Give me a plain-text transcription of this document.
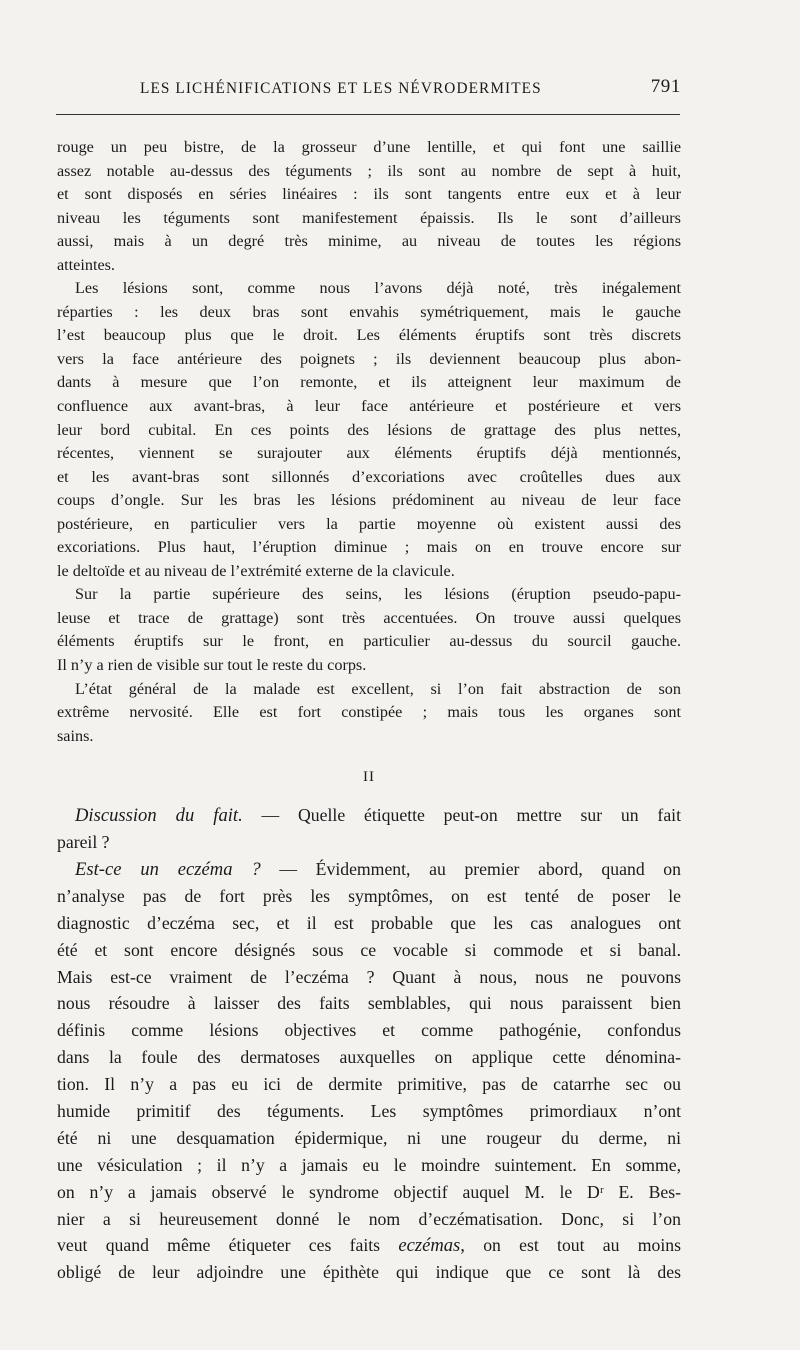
LES LICHÉNIFICATIONS ET LES NÉVRODERMITES	791
rouge un peu bistre, de la grosseur d’une lentille, et qui font une saillie
assez notable au-dessus des téguments ; ils sont au nombre de sept à huit,
et sont disposés en séries linéaires : ils sont tangents entre eux et à leur
niveau les téguments sont manifestement épaissis. Ils le sont d’ailleurs
aussi, mais à un degré très minime, au niveau de toutes les régions
atteintes.
Les lésions sont, comme nous l’avons déjà noté, très inégalement
réparties : les deux bras sont envahis symétriquement, mais le gauche
l’est beaucoup plus que le droit. Les éléments éruptifs sont très discrets
vers la face antérieure des poignets ; ils deviennent beaucoup plus abon-
dants à mesure que l’on remonte, et ils atteignent leur maximum de
confluence aux avant-bras, à leur face antérieure et postérieure et vers
leur bord cubital. En ces points des lésions de grattage des plus nettes,
récentes, viennent se surajouter aux éléments éruptifs déjà mentionnés,
et les avant-bras sont sillonnés d’excoriations avec croûtelles dues aux
coups d’ongle. Sur les bras les lésions prédominent au niveau de leur face
postérieure, en particulier vers la partie moyenne où existent aussi des
excoriations. Plus haut, l’éruption diminue ; mais on en trouve encore sur
le deltoïde et au niveau de l’extrémité externe de la clavicule.
Sur la partie supérieure des seins, les lésions (éruption pseudo-papu-
leuse et trace de grattage) sont très accentuées. On trouve aussi quelques
éléments éruptifs sur le front, en particulier au-dessus du sourcil gauche.
Il n’y a rien de visible sur tout le reste du corps.
L’état général de la malade est excellent, si l’on fait abstraction de son
extrême nervosité. Elle est fort constipée ; mais tous les organes sont
sains.
II
Discussion du fait. — Quelle étiquette peut-on mettre sur un fait
pareil ?
Est-ce un eczéma ? — Évidemment, au premier abord, quand on
n’analyse pas de fort près les symptômes, on est tenté de poser le
diagnostic d’eczéma sec, et il est probable que les cas analogues ont
été et sont encore désignés sous ce vocable si commode et si banal.
Mais est-ce vraiment de l’eczéma ? Quant à nous, nous ne pouvons
nous résoudre à laisser des faits semblables, qui nous paraissent bien
définis comme lésions objectives et comme pathogénie, confondus
dans la foule des dermatoses auxquelles on applique cette dénomina-
tion. Il n’y a pas eu ici de dermite primitive, pas de catarrhe sec ou
humide primitif des téguments. Les symptômes primordiaux n’ont
été ni une desquamation épidermique, ni une rougeur du derme, ni
une vésiculation ; il n’y a jamais eu le moindre suintement. En somme,
on n’y a jamais observé le syndrome objectif auquel M. le Dʳ E. Bes-
nier a si heureusement donné le nom d’eczématisation. Donc, si l’on
veut quand même étiqueter ces faits eczémas, on est tout au moins
obligé de leur adjoindre une épithète qui indique que ce sont là des
